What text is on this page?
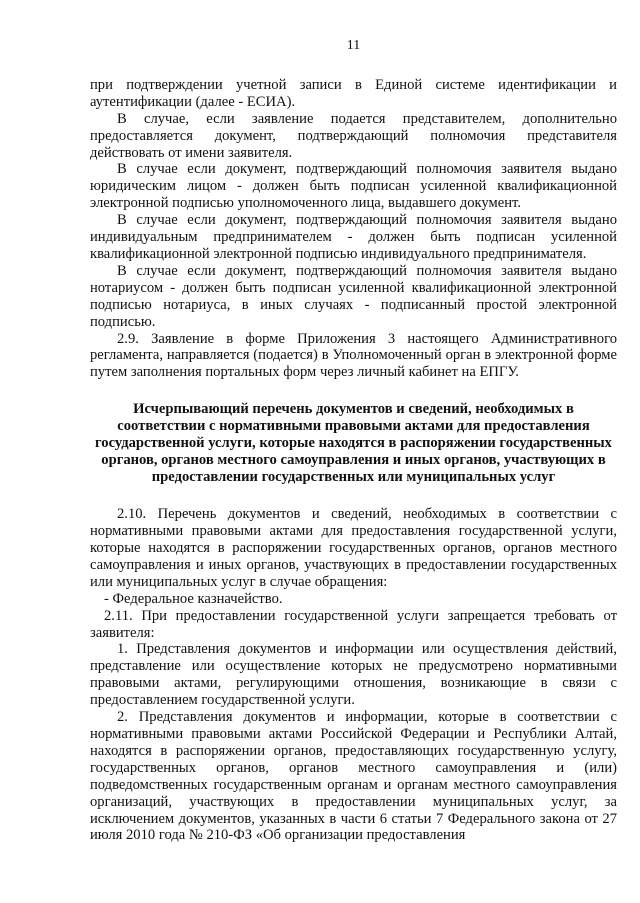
11

при подтверждении учетной записи в Единой системе идентификации и аутентификации (далее - ЕСИА).

В случае, если заявление подается представителем, дополнительно предоставляется документ, подтверждающий полномочия представителя действовать от имени заявителя.

В случае если документ, подтверждающий полномочия заявителя выдано юридическим лицом - должен быть подписан усиленной квалификационной электронной подписью уполномоченного лица, выдавшего документ.

В случае если документ, подтверждающий полномочия заявителя выдано индивидуальным предпринимателем - должен быть подписан усиленной квалификационной электронной подписью индивидуального предпринимателя.

В случае если документ, подтверждающий полномочия заявителя выдано нотариусом - должен быть подписан усиленной квалификационной электронной подписью нотариуса, в иных случаях - подписанный простой электронной подписью.

2.9. Заявление в форме Приложения 3 настоящего Административного регламента, направляется (подается) в Уполномоченный орган в электронной форме путем заполнения портальных форм через личный кабинет на ЕПГУ.

Исчерпывающий перечень документов и сведений, необходимых в соответствии с нормативными правовыми актами для предоставления государственной услуги, которые находятся в распоряжении государственных органов, органов местного самоуправления и иных органов, участвующих в предоставлении государственных или муниципальных услуг

2.10. Перечень документов и сведений, необходимых в соответствии с нормативными правовыми актами для предоставления государственной услуги, которые находятся в распоряжении государственных органов, органов местного самоуправления и иных органов, участвующих в предоставлении государственных или муниципальных услуг в случае обращения:

- Федеральное казначейство.

2.11. При предоставлении государственной услуги запрещается требовать от заявителя:

1. Представления документов и информации или осуществления действий, представление или осуществление которых не предусмотрено нормативными правовыми актами, регулирующими отношения, возникающие в связи с предоставлением государственной услуги.

2. Представления документов и информации, которые в соответствии с нормативными правовыми актами Российской Федерации и Республики Алтай, находятся в распоряжении органов, предоставляющих государственную услугу, государственных органов, органов местного самоуправления и (или) подведомственных государственным органам и органам местного самоуправления организаций, участвующих в предоставлении муниципальных услуг, за исключением документов, указанных в части 6 статьи 7 Федерального закона от 27 июля 2010 года № 210-ФЗ «Об организации предоставления
